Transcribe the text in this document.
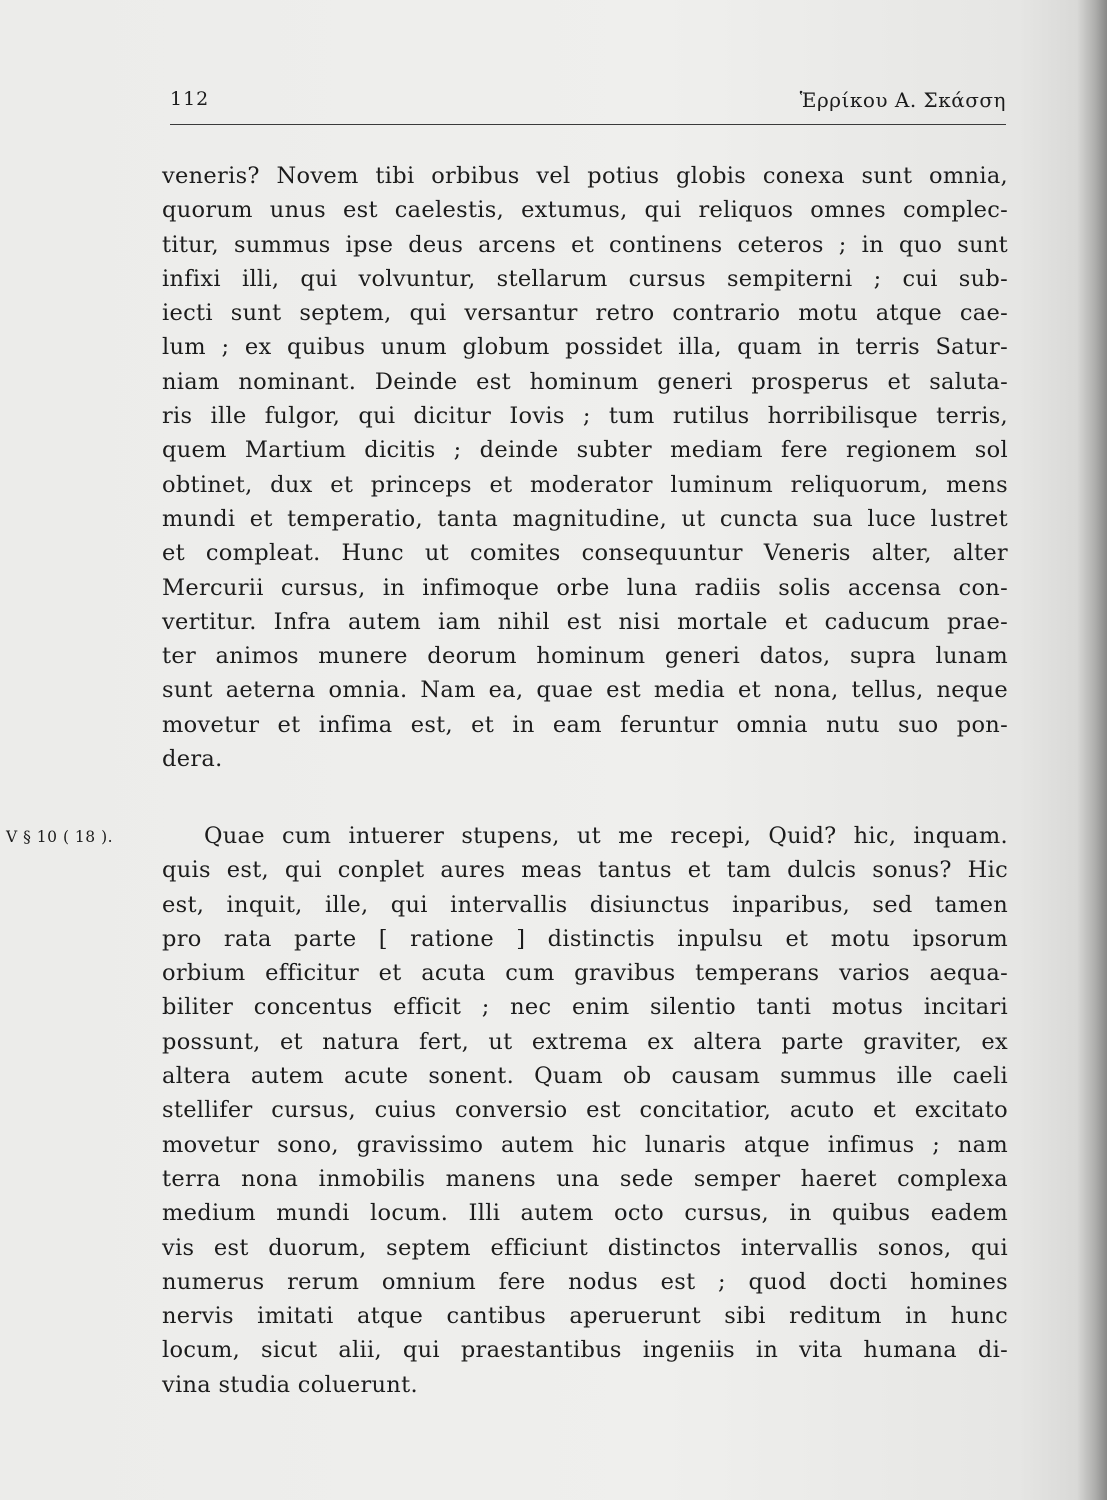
112	Ἑρρίκου Α. Σκάσση
V § 10 ( 18 ).
veneris? Novem tibi orbibus vel potius globis conexa sunt omnia,
quorum unus est caelestis, extumus, qui reliquos omnes complec-
titur, summus ipse deus arcens et continens ceteros ; in quo sunt
infixi illi, qui volvuntur, stellarum cursus sempiterni ; cui sub-
iecti sunt septem, qui versantur retro contrario motu atque cae-
lum ; ex quibus unum globum possidet illa, quam in terris Satur-
niam nominant. Deinde est hominum generi prosperus et saluta-
ris ille fulgor, qui dicitur Iovis ; tum rutilus horribilisque terris,
quem Martium dicitis ; deinde subter mediam fere regionem sol
obtinet, dux et princeps et moderator luminum reliquorum, mens
mundi et temperatio, tanta magnitudine, ut cuncta sua luce lustret
et compleat. Hunc ut comites consequuntur Veneris alter, alter
Mercurii cursus, in infimoque orbe luna radiis solis accensa con-
vertitur. Infra autem iam nihil est nisi mortale et caducum prae-
ter animos munere deorum hominum generi datos, supra lunam
sunt aeterna omnia. Nam ea, quae est media et nona, tellus, neque
movetur et infima est, et in eam feruntur omnia nutu suo pon-
dera.
Quae cum intuerer stupens, ut me recepi, Quid? hic, inquam.
quis est, qui conplet aures meas tantus et tam dulcis sonus? Hic
est, inquit, ille, qui intervallis disiunctus inparibus, sed tamen
pro rata parte [ ratione ] distinctis inpulsu et motu ipsorum
orbium efficitur et acuta cum gravibus temperans varios aequa-
biliter concentus efficit ; nec enim silentio tanti motus incitari
possunt, et natura fert, ut extrema ex altera parte graviter, ex
altera autem acute sonent. Quam ob causam summus ille caeli
stellifer cursus, cuius conversio est concitatior, acuto et excitato
movetur sono, gravissimo autem hic lunaris atque infimus ; nam
terra nona inmobilis manens una sede semper haeret complexa
medium mundi locum. Illi autem octo cursus, in quibus eadem
vis est duorum, septem efficiunt distinctos intervallis sonos, qui
numerus rerum omnium fere nodus est ; quod docti homines
nervis imitati atque cantibus aperuerunt sibi reditum in hunc
locum, sicut alii, qui praestantibus ingeniis in vita humana di-
vina studia coluerunt.
